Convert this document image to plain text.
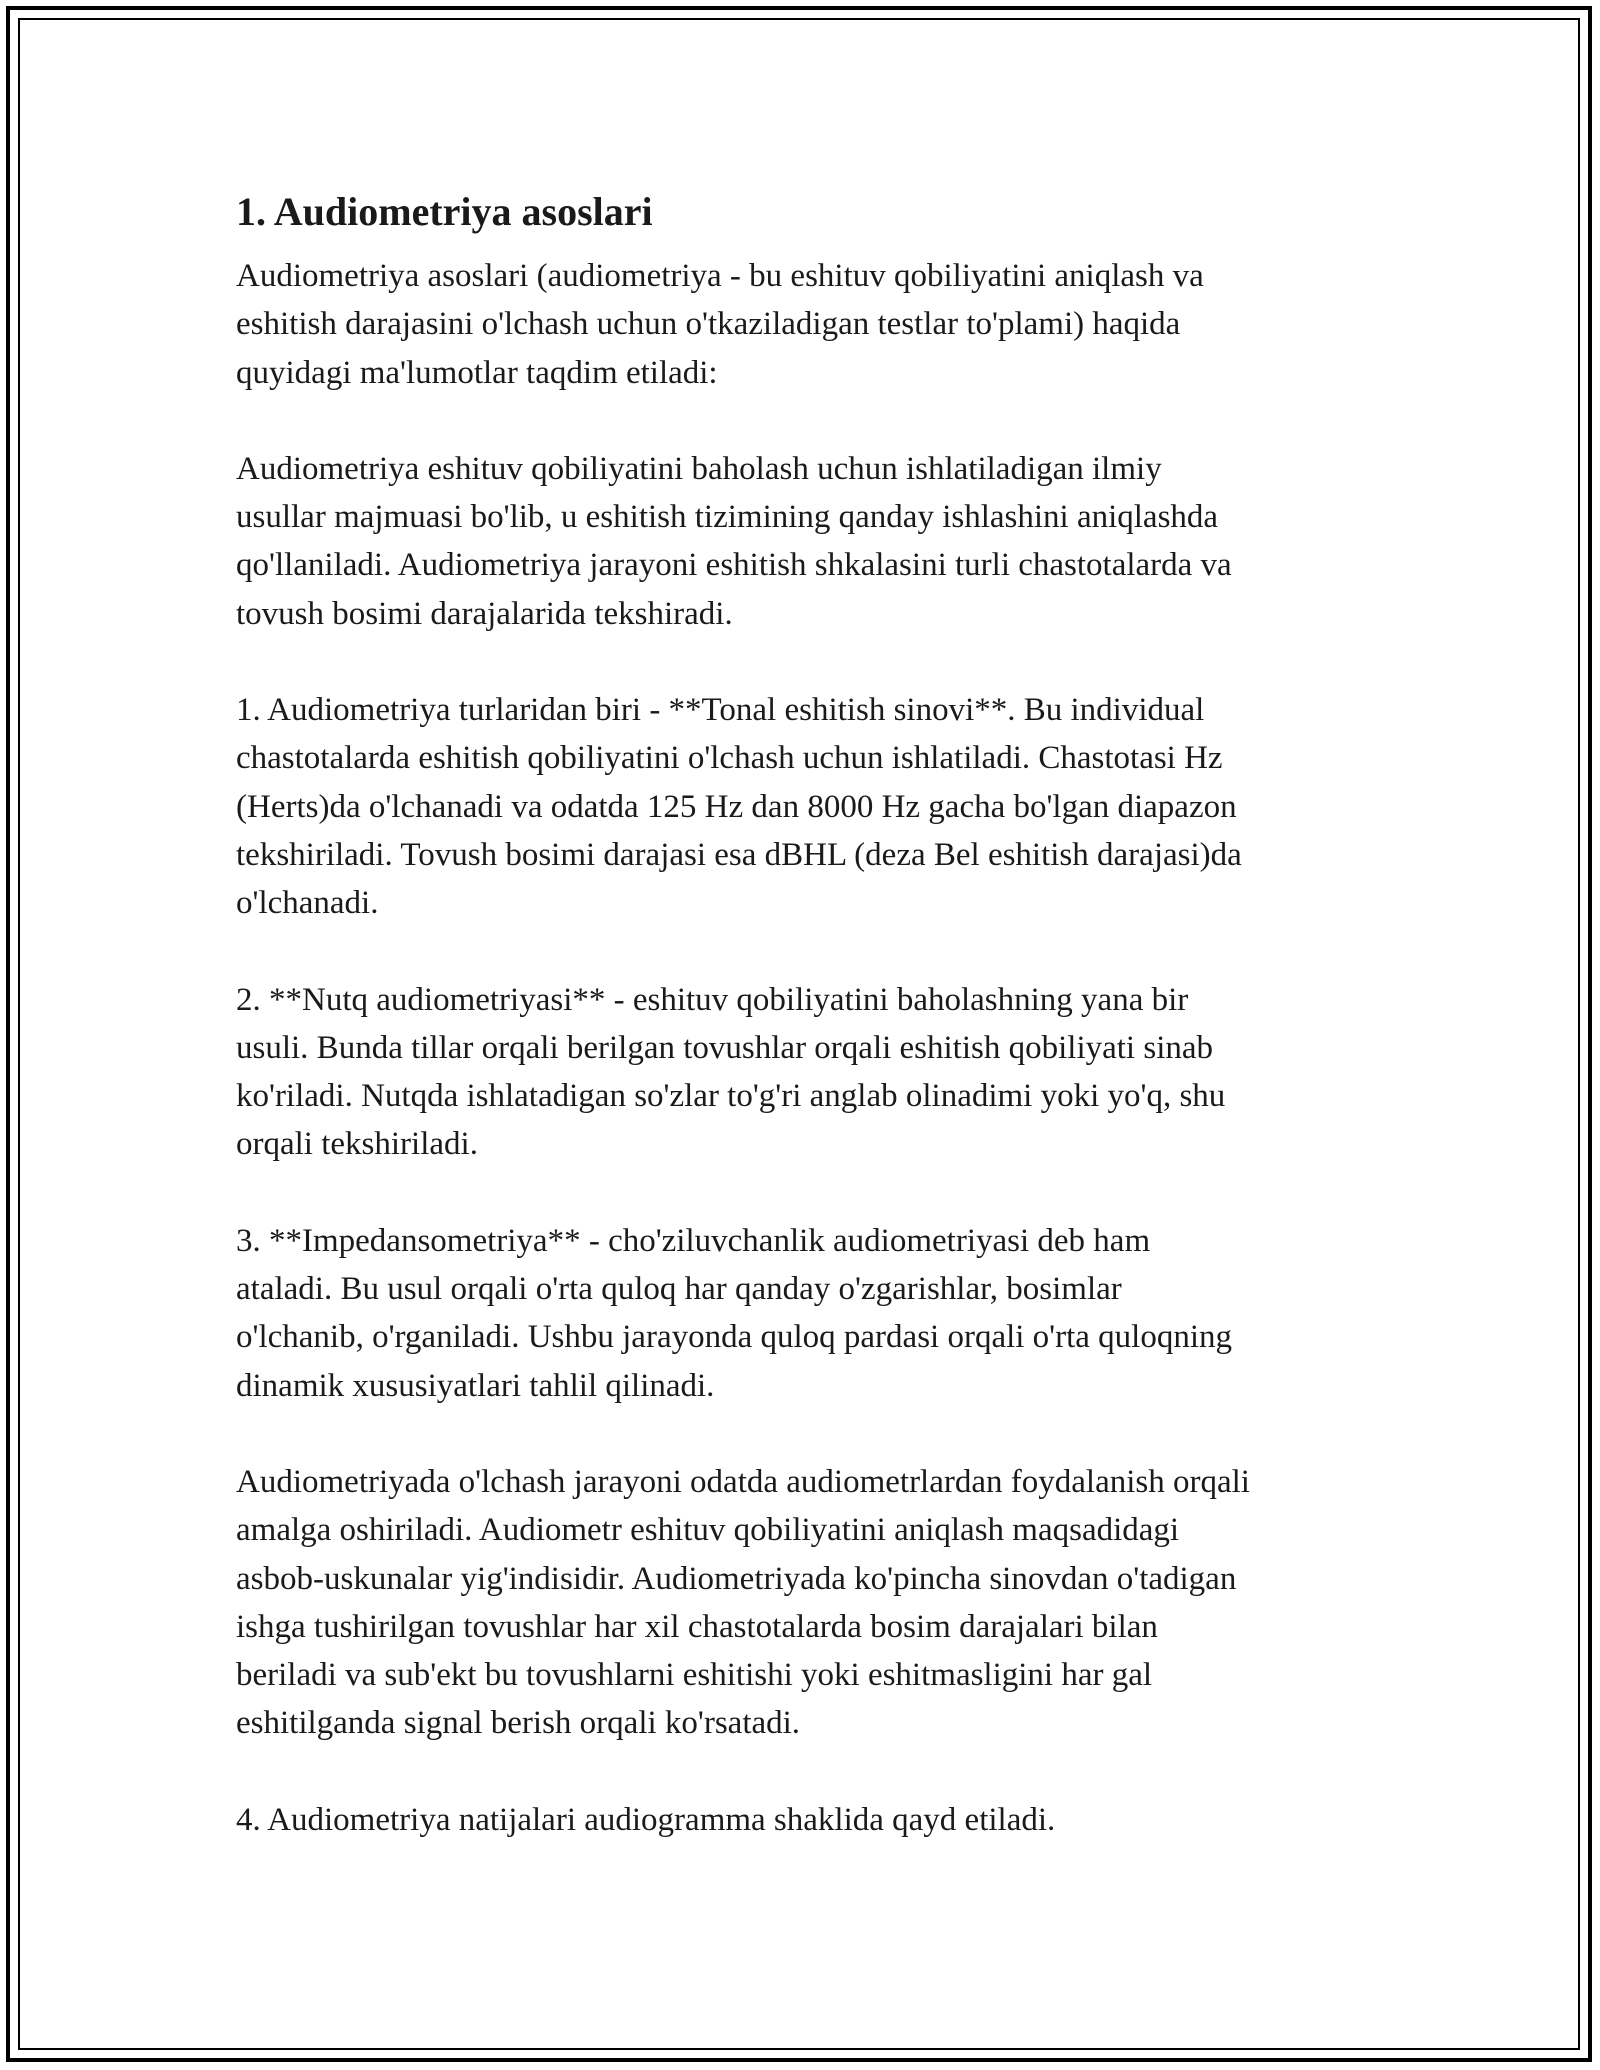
1. Audiometriya asoslari

Audiometriya asoslari (audiometriya - bu eshituv qobiliyatini aniqlash va
eshitish darajasini o'lchash uchun o'tkaziladigan testlar to'plami) haqida
quyidagi ma'lumotlar taqdim etiladi:

Audiometriya eshituv qobiliyatini baholash uchun ishlatiladigan ilmiy
usullar majmuasi bo'lib, u eshitish tizimining qanday ishlashini aniqlashda
qo'llaniladi. Audiometriya jarayoni eshitish shkalasini turli chastotalarda va
tovush bosimi darajalarida tekshiradi.

1. Audiometriya turlaridan biri - **Tonal eshitish sinovi**. Bu individual
chastotalarda eshitish qobiliyatini o'lchash uchun ishlatiladi. Chastotasi Hz
(Herts)da o'lchanadi va odatda 125 Hz dan 8000 Hz gacha bo'lgan diapazon
tekshiriladi. Tovush bosimi darajasi esa dBHL (deza Bel eshitish darajasi)da
o'lchanadi.

2. **Nutq audiometriyasi** - eshituv qobiliyatini baholashning yana bir
usuli. Bunda tillar orqali berilgan tovushlar orqali eshitish qobiliyati sinab
ko'riladi. Nutqda ishlatadigan so'zlar to'g'ri anglab olinadimi yoki yo'q, shu
orqali tekshiriladi.

3. **Impedansometriya** - cho'ziluvchanlik audiometriyasi deb ham
ataladi. Bu usul orqali o'rta quloq har qanday o'zgarishlar, bosimlar
o'lchanib, o'rganiladi. Ushbu jarayonda quloq pardasi orqali o'rta quloqning
dinamik xususiyatlari tahlil qilinadi.

Audiometriyada o'lchash jarayoni odatda audiometrlardan foydalanish orqali
amalga oshiriladi. Audiometr eshituv qobiliyatini aniqlash maqsadidagi
asbob-uskunalar yig'indisidir. Audiometriyada ko'pincha sinovdan o'tadigan
ishga tushirilgan tovushlar har xil chastotalarda bosim darajalari bilan
beriladi va sub'ekt bu tovushlarni eshitishi yoki eshitmasligini har gal
eshitilganda signal berish orqali ko'rsatadi.

4. Audiometriya natijalari audiogramma shaklida qayd etiladi.
